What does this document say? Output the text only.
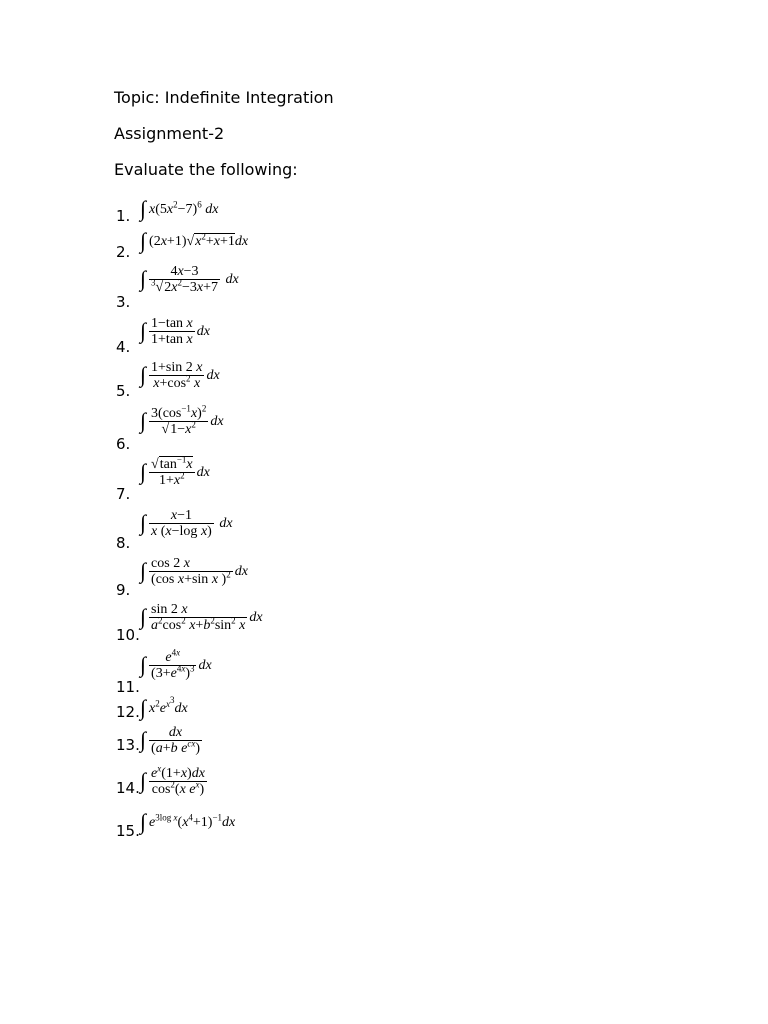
Topic: Indefinite Integration
Assignment-2
Evaluate the following:
1. ∫ $x(5x^2-7)^6$ dx
2. ∫ $(2x+1)√x^2+x+1dx$
3.
∫ $\frac{4x-3}{^3√2x^2-3x+7}$ dx
4.
∫ $\frac{\text{1−tan x}}{\text{1+tan x}}$ dx
5.
∫ $\frac{1+\sin 2 x}{x+\cos^2 x}$ dx
6.
∫ $\frac{3(\cos^{-1}x)^2}{√1-x^2}$ dx
7.
∫ $\frac{√\tan^{-1}x}{1+x^2}$ dx
8.
∫ $\frac{x-1}{\text{x (x−log x)}}$ dx
9.
∫ $\frac{\cos 2 x}{(\cos x+\sin x )^2}$ dx
10.
∫ $\frac{\sin 2 x}{a^2\cos^2 x+b^2\sin^2 x}$ dx
11.
∫ $\frac{e^{4x}}{(3+e^{4x})^3}$ dx
12. ∫ $x^2e^{x^3}dx$
13. ∫ $\frac{dx}{(a+b e^{cx})}$
14. ∫ $\frac{e^x(1+x)dx}{\cos^2(x e^x)}$
15. ∫ $e^{3log x}(x^4+1)^{-1}dx$
